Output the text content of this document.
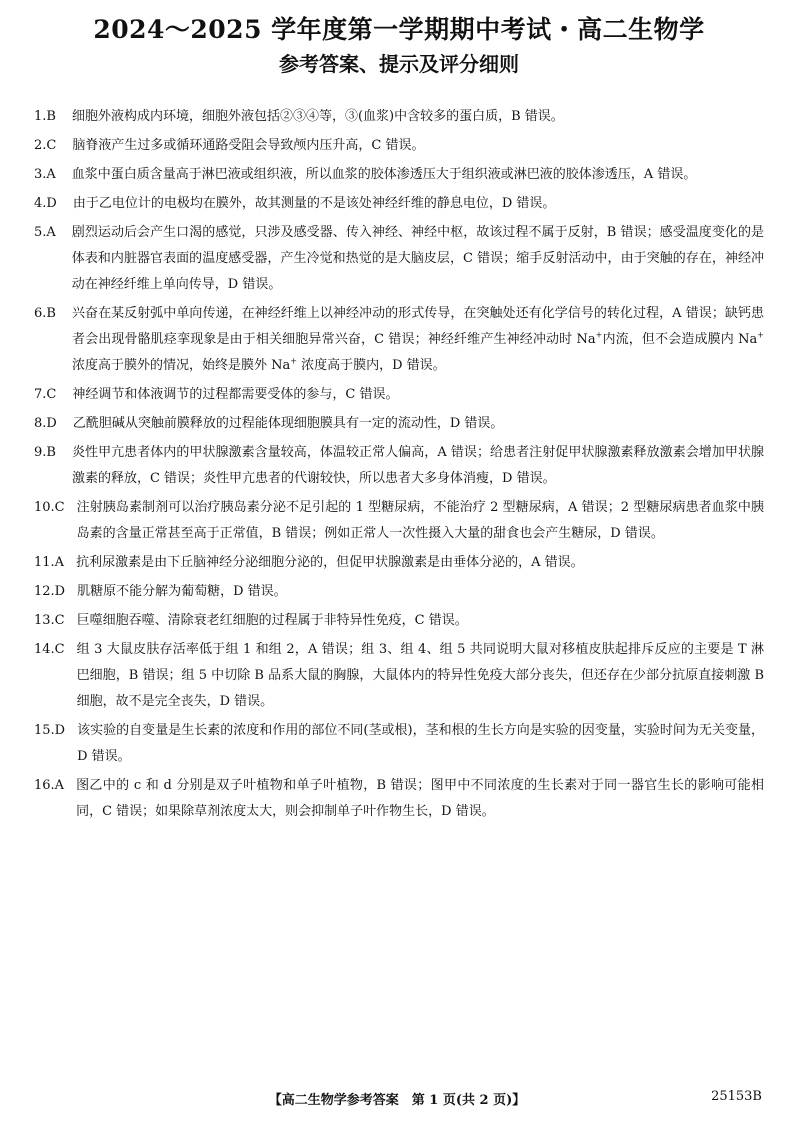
2024～2025 学年度第一学期期中考试・高二生物学
参考答案、提示及评分细则
1.B	细胞外液构成内环境，细胞外液包括②③④等，③(血浆)中含较多的蛋白质，B 错误。
2.C	脑脊液产生过多或循环通路受阻会导致颅内压升高，C 错误。
3.A	血浆中蛋白质含量高于淋巴液或组织液，所以血浆的胶体渗透压大于组织液或淋巴液的胶体渗透压，A 错误。
4.D	由于乙电位计的电极均在膜外，故其测量的不是该处神经纤维的静息电位，D 错误。
5.A	剧烈运动后会产生口渴的感觉，只涉及感受器、传入神经、神经中枢，故该过程不属于反射，B 错误；感受温度变化的是体表和内脏器官表面的温度感受器，产生冷觉和热觉的是大脑皮层，C 错误；缩手反射活动中，由于突触的存在，神经冲动在神经纤维上单向传导，D 错误。
6.B	兴奋在某反射弧中单向传递，在神经纤维上以神经冲动的形式传导，在突触处还有化学信号的转化过程，A 错误；缺钙患者会出现骨骼肌痉挛现象是由于相关细胞异常兴奋，C 错误；神经纤维产生神经冲动时 Na+内流，但不会造成膜内 Na+ 浓度高于膜外的情况，始终是膜外 Na+ 浓度高于膜内，D 错误。
7.C	神经调节和体液调节的过程都需要受体的参与，C 错误。
8.D	乙酰胆碱从突触前膜释放的过程能体现细胞膜具有一定的流动性，D 错误。
9.B	炎性甲亢患者体内的甲状腺激素含量较高，体温较正常人偏高，A 错误；给患者注射促甲状腺激素释放激素会增加甲状腺激素的释放，C 错误；炎性甲亢患者的代谢较快，所以患者大多身体消瘦，D 错误。
10.C 注射胰岛素制剂可以治疗胰岛素分泌不足引起的 1 型糖尿病，不能治疗 2 型糖尿病，A 错误；2 型糖尿病患者血浆中胰岛素的含量正常甚至高于正常值，B 错误；例如正常人一次性摄入大量的甜食也会产生糖尿，D 错误。
11.A 抗利尿激素是由下丘脑神经分泌细胞分泌的，但促甲状腺激素是由垂体分泌的，A 错误。
12.D 肌糖原不能分解为葡萄糖，D 错误。
13.C 巨噬细胞吞噬、清除衰老红细胞的过程属于非特异性免疫，C 错误。
14.C 组 3 大鼠皮肤存活率低于组 1 和组 2，A 错误；组 3、组 4、组 5 共同说明大鼠对移植皮肤起排斥反应的主要是 T 淋巴细胞，B 错误；组 5 中切除 B 品系大鼠的胸腺，大鼠体内的特异性免疫大部分丧失，但还存在少部分抗原直接刺激 B 细胞，故不是完全丧失，D 错误。
15.D 该实验的自变量是生长素的浓度和作用的部位不同(茎或根)，茎和根的生长方向是实验的因变量，实验时间为无关变量，D 错误。
16.A 图乙中的 c 和 d 分别是双子叶植物和单子叶植物，B 错误；图甲中不同浓度的生长素对于同一器官生长的影响可能相同，C 错误；如果除草剂浓度太大，则会抑制单子叶作物生长，D 错误。
【高二生物学参考答案　第 1 页(共 2 页)】	25153B
